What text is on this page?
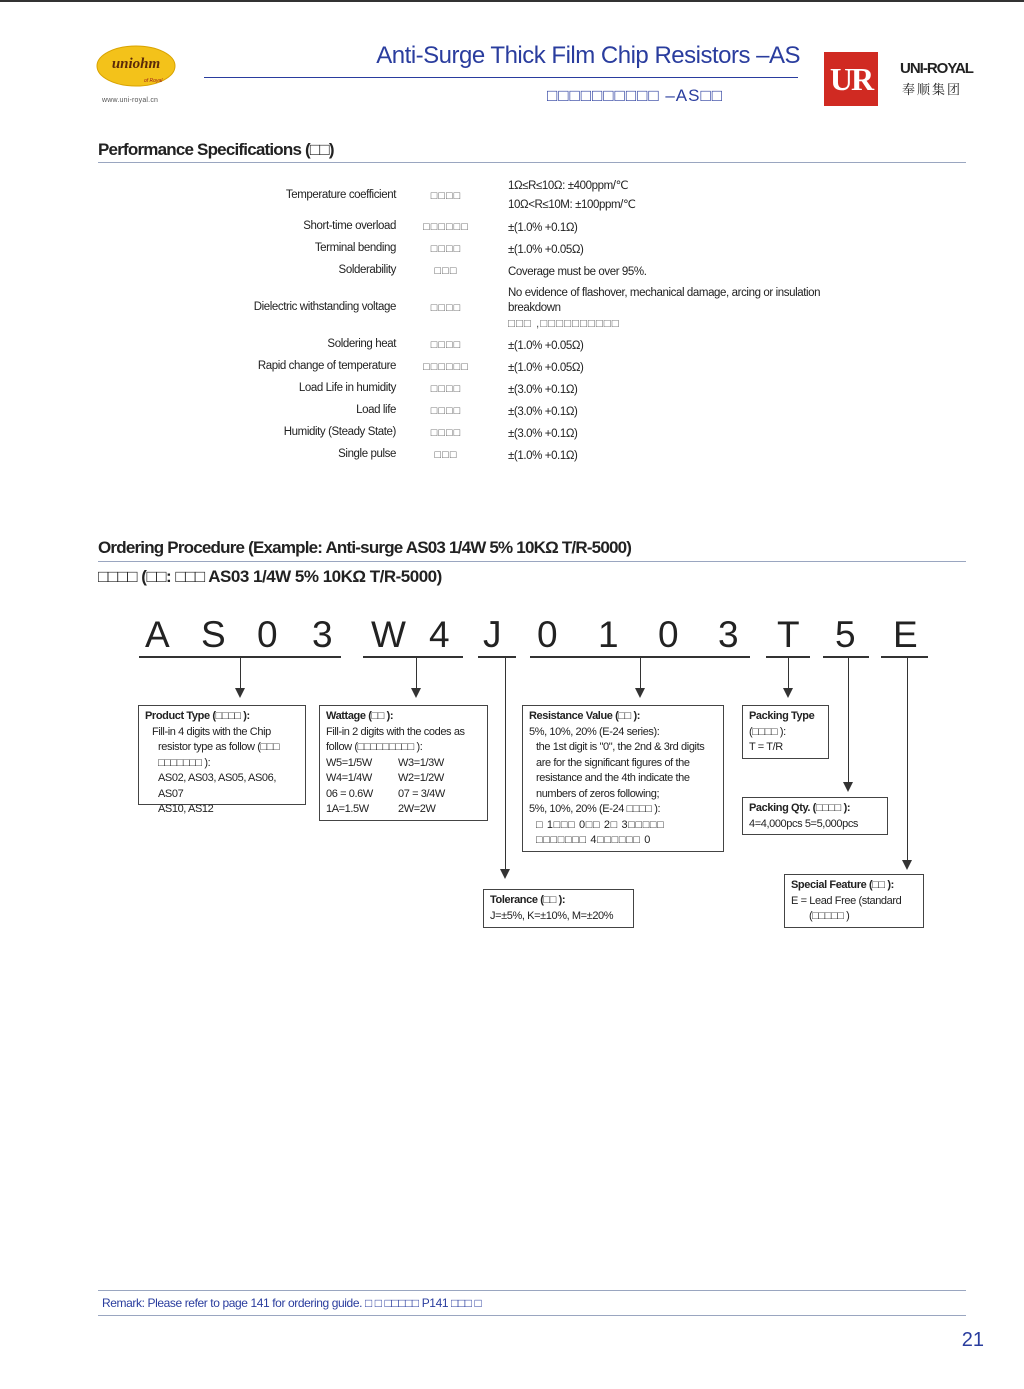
uniohm
of Royal
www.uni-royal.cn
Anti-Surge Thick Film Chip Resistors –AS
□□□□□□□□□□ –AS□□	UR	UNI-ROYAL
奉顺集团
Performance Specifications (□□)
Temperature coefficient	□□□□
1Ω≤R≤10Ω: ±400ppm/℃
10Ω<R≤10M: ±100ppm/℃
Short-time overload	□□□□□□	±(1.0% +0.1Ω)
Terminal bending	□□□□	±(1.0% +0.05Ω)
Solderability	□□□	Coverage must be over 95%.
Dielectric withstanding voltage	□□□□
No evidence of flashover, mechanical damage, arcing or insulation
breakdown
□□□ ,□□□□□□□□□□
Soldering heat	□□□□	±(1.0% +0.05Ω)
Rapid change of temperature	□□□□□□	±(1.0% +0.05Ω)
Load Life in humidity	□□□□	±(3.0% +0.1Ω)
Load life	□□□□	±(3.0% +0.1Ω)
Humidity (Steady State)	□□□□	±(3.0% +0.1Ω)
Single pulse	□□□	±(1.0% +0.1Ω)
Ordering Procedure (Example: Anti-surge AS03 1/4W 5% 10KΩ T/R-5000)
□□□□ (□□: □□□ AS03 1/4W 5% 10KΩ T/R-5000)
A S 0 3 W 4 J 0 1 0 3 T 5 E
Product Type (□□□□ ):
Fill-in 4 digits with the Chip
resistor type as follow (□□□
□□□□□□□ ):
AS02, AS03, AS05, AS06, AS07
AS10, AS12
Wattage (□□ ):
Fill-in 2 digits with the codes as
follow (□□□□□□□□□ ):
W5=1/5W	W3=1/3W
W4=1/4W	W2=1/2W
06 = 0.6W	07 = 3/4W
1A=1.5W	2W=2W
Resistance Value (□□ ):
5%, 10%, 20% (E-24 series):
the 1st digit is "0", the 2nd & 3rd digits
are for the significant figures of the
resistance and the 4th indicate the
numbers of zeros following;
5%, 10%, 20% (E-24 □□□□ ):
□ 1□□□ 0□□ 2□ 3□□□□□
□□□□□□□ 4□□□□□□ 0
Packing Type
(□□□□ ):
T = T/R
Packing Qty. (□□□□ ):
4=4,000pcs 5=5,000pcs
Tolerance (□□ ):
J=±5%, K=±10%, M=±20%
Special Feature (□□ ):
E = Lead Free (standard
(□□□□□ )
Remark: Please refer to page 141 for ordering guide. □ □ □□□□□ P141 □□□ □
21
